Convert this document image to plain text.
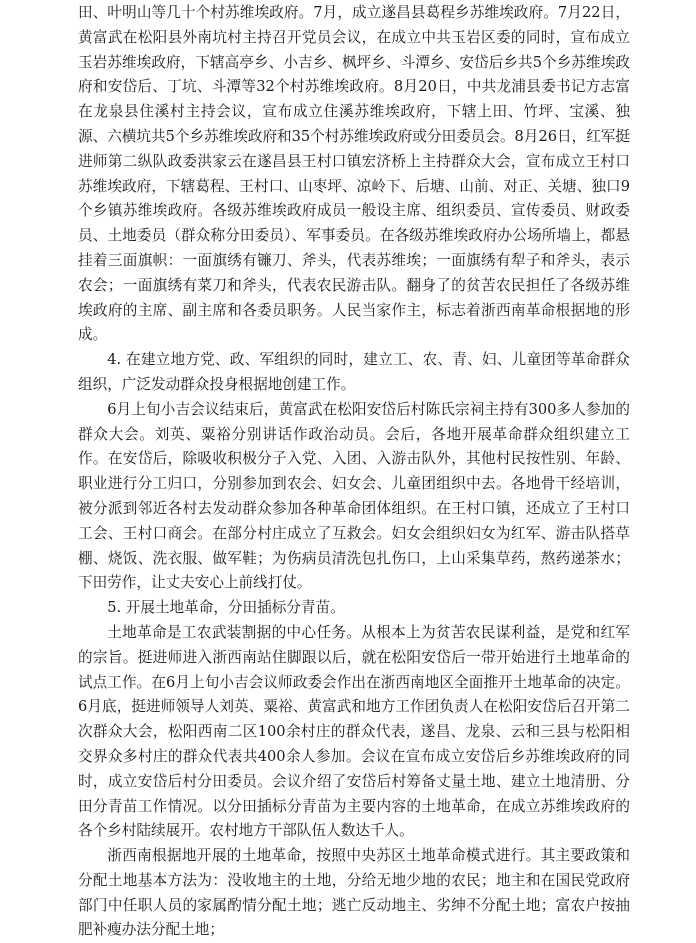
田、叶明山等几十个村苏维埃政府。7月，成立遂昌县葛程乡苏维埃政府。7月22日，黄富武在松阳县外南坑村主持召开党员会议，在成立中共玉岩区委的同时，宣布成立玉岩苏维埃政府，下辖高亭乡、小吉乡、枫坪乡、斗潭乡、安岱后乡共5个乡苏维埃政府和安岱后、丁坑、斗潭等32个村苏维埃政府。8月20日，中共龙浦县委书记方志富在龙泉县住溪村主持会议，宣布成立住溪苏维埃政府，下辖上田、竹坪、宝溪、独源、六横坑共5个乡苏维埃政府和35个村苏维埃政府或分田委员会。8月26日，红军挺进师第二纵队政委洪家云在遂昌县王村口镇宏济桥上主持群众大会，宣布成立王村口苏维埃政府，下辖葛程、王村口、山枣坪、凉岭下、后塘、山前、对正、关塘、独口9个乡镇苏维埃政府。各级苏维埃政府成员一般设主席、组织委员、宣传委员、财政委员、土地委员（群众称分田委员）、军事委员。在各级苏维埃政府办公场所墙上，都悬挂着三面旗帜：一面旗绣有镰刀、斧头，代表苏维埃；一面旗绣有犁子和斧头，表示农会；一面旗绣有菜刀和斧头，代表农民游击队。翻身了的贫苦农民担任了各级苏维埃政府的主席、副主席和各委员职务。人民当家作主，标志着浙西南革命根据地的形成。

4. 在建立地方党、政、军组织的同时，建立工、农、青、妇、儿童团等革命群众组织，广泛发动群众投身根据地创建工作。

6月上旬小吉会议结束后，黄富武在松阳安岱后村陈氏宗祠主持有300多人参加的群众大会。刘英、粟裕分别讲话作政治动员。会后，各地开展革命群众组织建立工作。在安岱后，除吸收积极分子入党、入团、入游击队外，其他村民按性别、年龄、职业进行分工归口，分别参加到农会、妇女会、儿童团组织中去。各地骨干经培训，被分派到邻近各村去发动群众参加各种革命团体组织。在王村口镇，还成立了王村口工会、王村口商会。在部分村庄成立了互救会。妇女会组织妇女为红军、游击队搭草棚、烧饭、洗衣服、做军鞋；为伤病员清洗包扎伤口，上山采集草药，熬药递茶水；下田劳作，让丈夫安心上前线打仗。

5. 开展土地革命，分田插标分青苗。

土地革命是工农武装割据的中心任务。从根本上为贫苦农民谋利益，是党和红军的宗旨。挺进师进入浙西南站住脚跟以后，就在松阳安岱后一带开始进行土地革命的试点工作。在6月上旬小吉会议师政委会作出在浙西南地区全面推开土地革命的决定。6月底，挺进师领导人刘英、粟裕、黄富武和地方工作团负责人在松阳安岱后召开第二次群众大会，松阳西南二区100余村庄的群众代表，遂昌、龙泉、云和三县与松阳相交界众多村庄的群众代表共400余人参加。会议在宣布成立安岱后乡苏维埃政府的同时，成立安岱后村分田委员。会议介绍了安岱后村筹备丈量土地、建立土地清册、分田分青苗工作情况。以分田插标分青苗为主要内容的土地革命，在成立苏维埃政府的各个乡村陆续展开。农村地方干部队伍人数达千人。

浙西南根据地开展的土地革命，按照中央苏区土地革命模式进行。其主要政策和分配土地基本方法为：没收地主的土地，分给无地少地的农民；地主和在国民党政府部门中任职人员的家属酌情分配土地；逃亡反动地主、劣绅不分配土地；富农户按抽肥补瘦办法分配土地；
